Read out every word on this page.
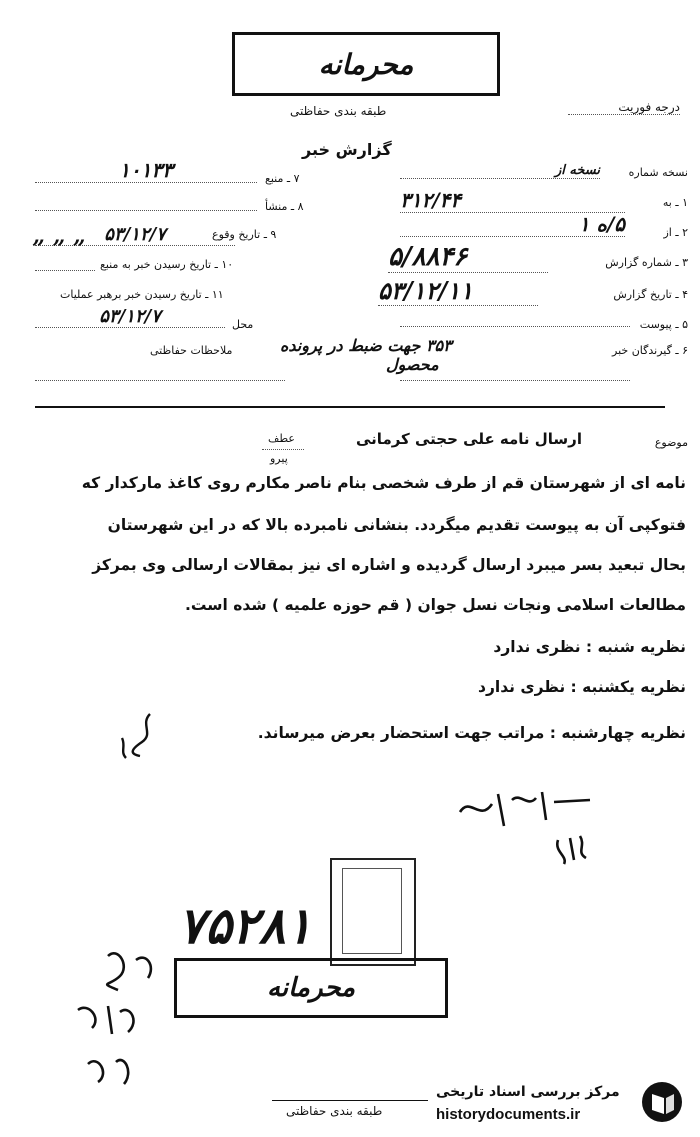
محرمانه
طبقه بندی حفاظتی	درجه فوریت
گزارش خبر
نسخه شماره
نسخه از
۱ ـ به
۳۱۲/۴۴
۲ ـ از
۵/ه ۱
۳ ـ شماره گزارش
۵/۸۸۴۶
۴ ـ تاریخ گزارش
۵۳/۱۲/۱۱
۵ ـ پیوست
۷ ـ منبع
۱۰۱۳۳
۸ ـ منشأ
۹ ـ تاریخ وقوع
۵۳/۱۲/۷
۱۰ ـ تاریخ رسیدن خبر به منبع
” ” ”
۱۱ ـ تاریخ رسیدن خبر برهبر عملیات
محل
۵۳/۱۲/۷
۶ ـ گیرندگان خبر
۳۵۳ جهت ضبط در پرونده
محصول
ملاحظات حفاظتی
موضوع
ارسال نامه علی حجتی کرمانی
عطف
پیرو
نامه ای از شهرستان قم از طرف شخصی بنام ناصر مکارم روی کاغذ مارکدار که
فتوکپی آن به پیوست تقدیم میگردد. بنشانی نامبرده بالا که در این شهرستان
بحال تبعید بسر میبرد ارسال گردیده و اشاره ای نیز بمقالات ارسالی وی بمرکز
مطالعات اسلامی ونجات نسل جوان ( قم حوزه علمیه ) شده است.
نظریه شنبه : نظری ندارد
نظریه یکشنبه : نظری ندارد
نظریه چهارشنبه : مراتب جهت استحضار بعرض میرساند.
۷۵۲۸۱
محرمانه
طبقه بندی حفاظتی
مرکز بررسی اسناد تاریخی
historydocuments.ir
